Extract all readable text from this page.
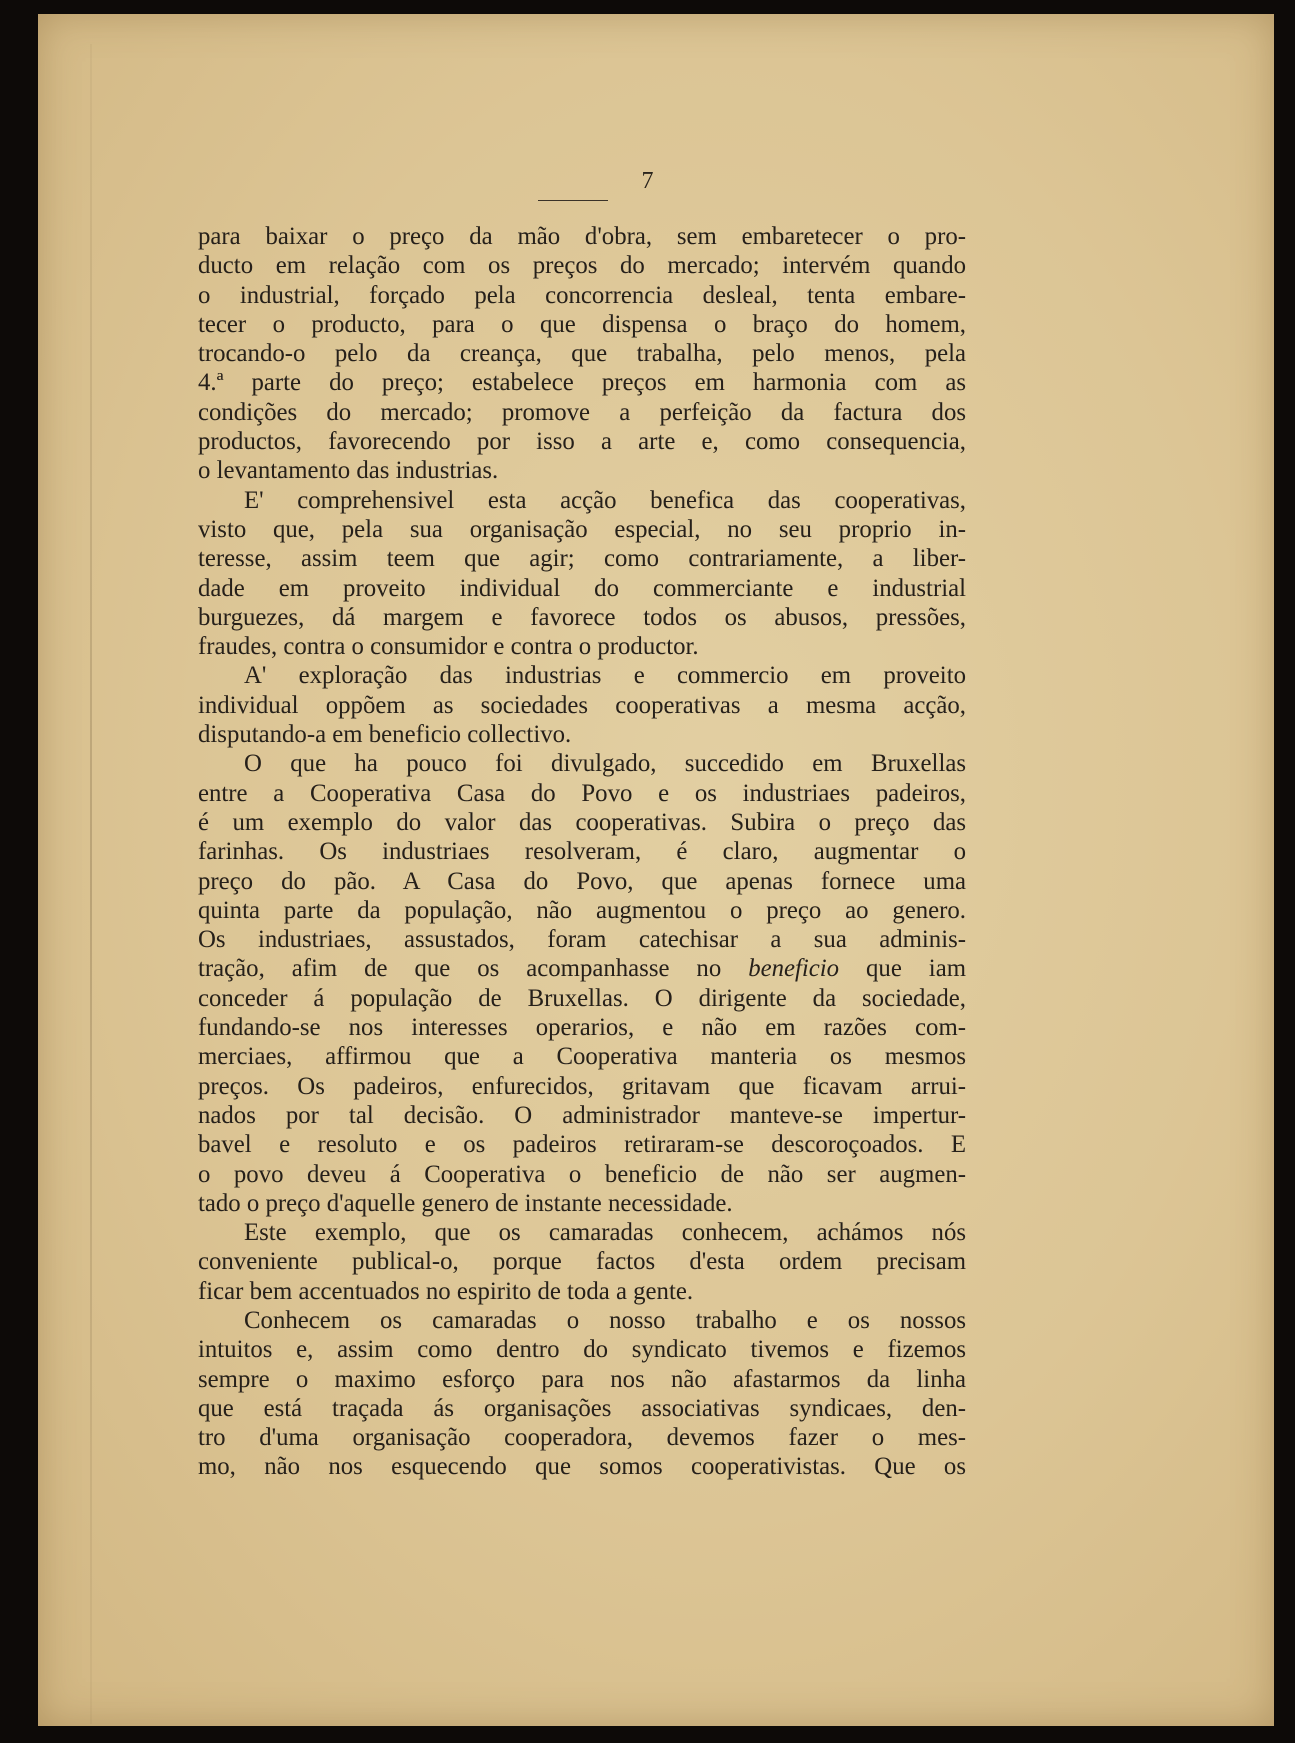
7
para baixar o preço da mão d'obra, sem embaretecer o pro-
ducto em relação com os preços do mercado; intervém quando
o industrial, forçado pela concorrencia desleal, tenta embare-
tecer o producto, para o que dispensa o braço do homem,
trocando-o pelo da creança, que trabalha, pelo menos, pela
4.ª parte do preço; estabelece preços em harmonia com as
condições do mercado; promove a perfeição da factura dos
productos, favorecendo por isso a arte e, como consequencia,
o levantamento das industrias.
E' comprehensivel esta acção benefica das cooperativas,
visto que, pela sua organisação especial, no seu proprio in-
teresse, assim teem que agir; como contrariamente, a liber-
dade em proveito individual do commerciante e industrial
burguezes, dá margem e favorece todos os abusos, pressões,
fraudes, contra o consumidor e contra o productor.
A' exploração das industrias e commercio em proveito
individual oppõem as sociedades cooperativas a mesma acção,
disputando-a em beneficio collectivo.
O que ha pouco foi divulgado, succedido em Bruxellas
entre a Cooperativa Casa do Povo e os industriaes padeiros,
é um exemplo do valor das cooperativas. Subira o preço das
farinhas. Os industriaes resolveram, é claro, augmentar o
preço do pão. A Casa do Povo, que apenas fornece uma
quinta parte da população, não augmentou o preço ao genero.
Os industriaes, assustados, foram catechisar a sua adminis-
tração, afim de que os acompanhasse no beneficio que iam
conceder á população de Bruxellas. O dirigente da sociedade,
fundando-se nos interesses operarios, e não em razões com-
merciaes, affirmou que a Cooperativa manteria os mesmos
preços. Os padeiros, enfurecidos, gritavam que ficavam arrui-
nados por tal decisão. O administrador manteve-se impertur-
bavel e resoluto e os padeiros retiraram-se descoroçoados. E
o povo deveu á Cooperativa o beneficio de não ser augmen-
tado o preço d'aquelle genero de instante necessidade.
Este exemplo, que os camaradas conhecem, achámos nós
conveniente publical-o, porque factos d'esta ordem precisam
ficar bem accentuados no espirito de toda a gente.
Conhecem os camaradas o nosso trabalho e os nossos
intuitos e, assim como dentro do syndicato tivemos e fizemos
sempre o maximo esforço para nos não afastarmos da linha
que está traçada ás organisações associativas syndicaes, den-
tro d'uma organisação cooperadora, devemos fazer o mes-
mo, não nos esquecendo que somos cooperativistas. Que os
